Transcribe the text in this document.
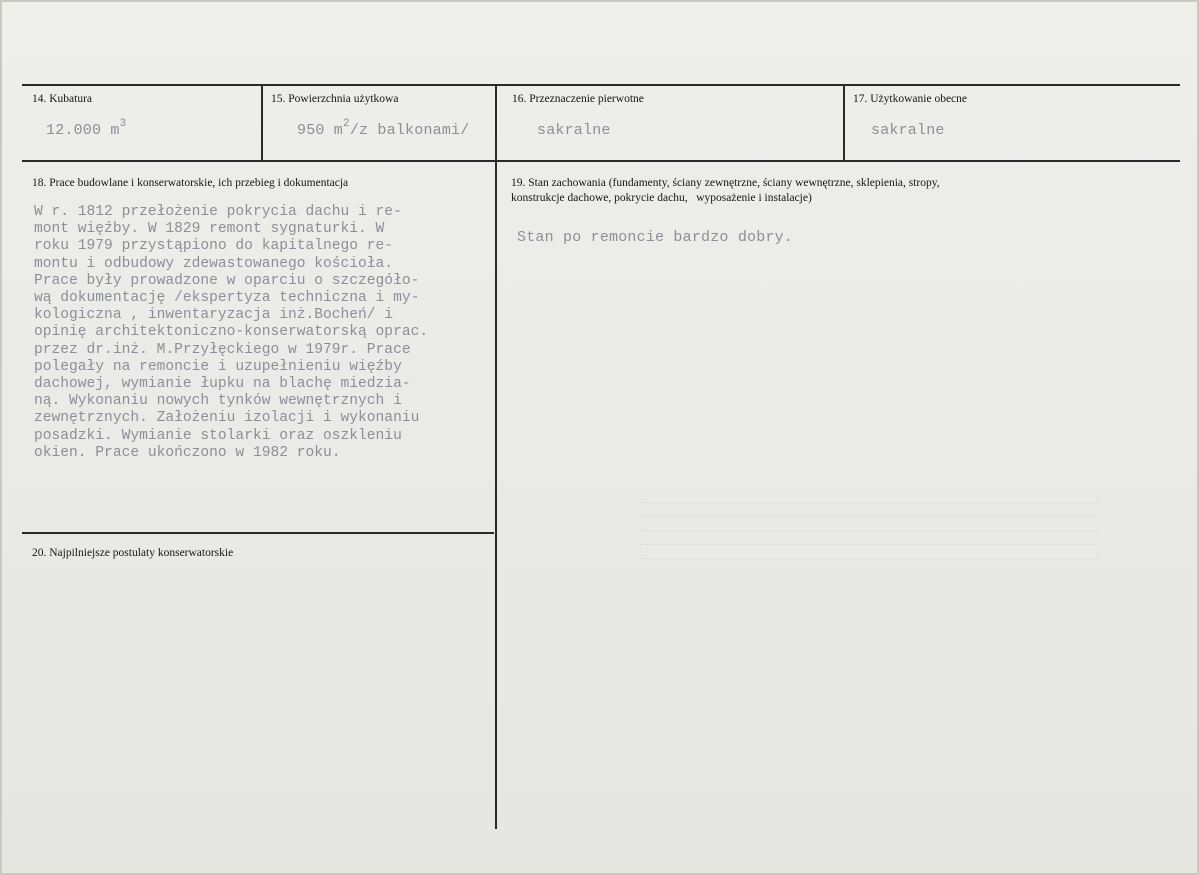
14. Kubatura	15. Powierzchnia użytkowa	16. Przeznaczenie pierwotne	17. Użytkowanie obecne
12.000 $m^3$	950 $m^2/z$ balkonami/	sakralne	sakralne
18. Prace budowlane i konserwatorskie, ich przebieg i dokumentacja
W r. 1812 przełożenie pokrycia dachu i re-
mont więźby. W 1829 remont sygnaturki. W
roku 1979 przystąpiono do kapitalnego re-
montu i odbudowy zdewastowanego kościoła.
Prace były prowadzone w oparciu o szczegóło-
wą dokumentację /ekspertyza techniczna i my-
kologiczna , inwentaryzacja inż.Bocheń/ i
opinię architektoniczno-konserwatorską oprac.
przez dr.inż. M.Przyłęckiego w 1979r. Prace
polegały na remoncie i uzupełnieniu więźby
dachowej, wymianie łupku na blachę miedzia-
ną. Wykonaniu nowych tynków wewnętrznych i
zewnętrznych. Założeniu izolacji i wykonaniu
posadzki. Wymianie stolarki oraz oszkleniu
okien. Prace ukończono w 1982 roku.
19. Stan zachowania (fundamenty, ściany zewnętrzne, ściany wewnętrzne, sklepienia, stropy,
konstrukcje dachowe, pokrycie dachu,   wyposażenie i instalacje)
Stan po remoncie bardzo dobry.
20. Najpilniejsze postulaty konserwatorskie
